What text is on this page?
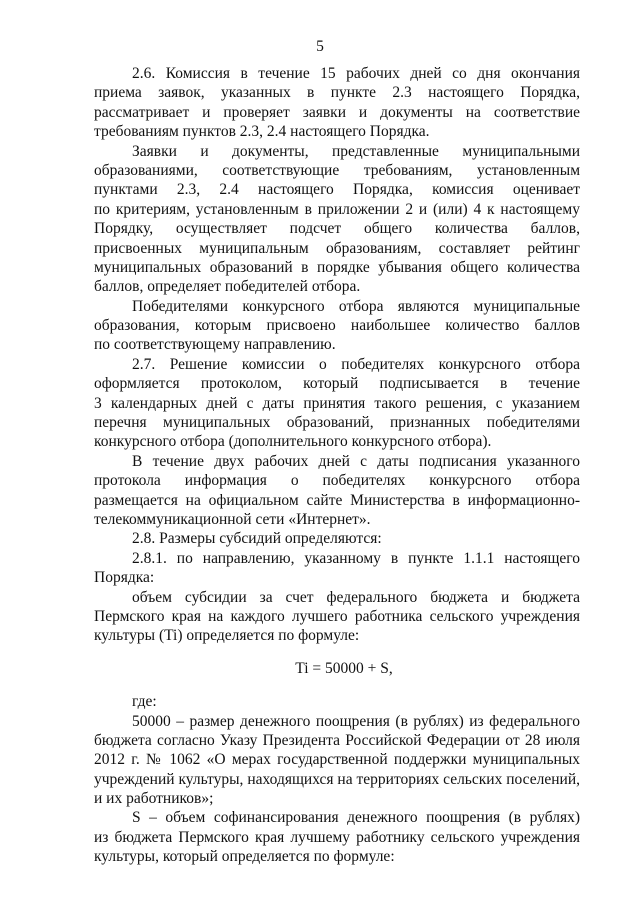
5
2.6. Комиссия в течение 15 рабочих дней со дня окончания
приема заявок, указанных в пункте 2.3 настоящего Порядка,
рассматривает и проверяет заявки и документы на соответствие
требованиям пунктов 2.3, 2.4 настоящего Порядка.
Заявки и документы, представленные муниципальными
образованиями, соответствующие требованиям, установленным
пунктами 2.3, 2.4 настоящего Порядка, комиссия оценивает
по критериям, установленным в приложении 2 и (или) 4 к настоящему
Порядку, осуществляет подсчет общего количества баллов,
присвоенных муниципальным образованиям, составляет рейтинг
муниципальных образований в порядке убывания общего количества
баллов, определяет победителей отбора.
Победителями конкурсного отбора являются муниципальные
образования, которым присвоено наибольшее количество баллов
по соответствующему направлению.
2.7. Решение комиссии о победителях конкурсного отбора
оформляется протоколом, который подписывается в течение
3 календарных дней с даты принятия такого решения, с указанием
перечня муниципальных образований, признанных победителями
конкурсного отбора (дополнительного конкурсного отбора).
В течение двух рабочих дней с даты подписания указанного
протокола информация о победителях конкурсного отбора
размещается на официальном сайте Министерства в информационно-
телекоммуникационной сети «Интернет».
2.8. Размеры субсидий определяются:
2.8.1. по направлению, указанному в пункте 1.1.1 настоящего
Порядка:
объем субсидии за счет федерального бюджета и бюджета
Пермского края на каждого лучшего работника сельского учреждения
культуры (Ti) определяется по формуле:
Ti = 50000 + S,
где:
50000 – размер денежного поощрения (в рублях) из федерального
бюджета согласно Указу Президента Российской Федерации от 28 июля
2012 г. № 1062 «О мерах государственной поддержки муниципальных
учреждений культуры, находящихся на территориях сельских поселений,
и их работников»;
S – объем софинансирования денежного поощрения (в рублях)
из бюджета Пермского края лучшему работнику сельского учреждения
культуры, который определяется по формуле:
